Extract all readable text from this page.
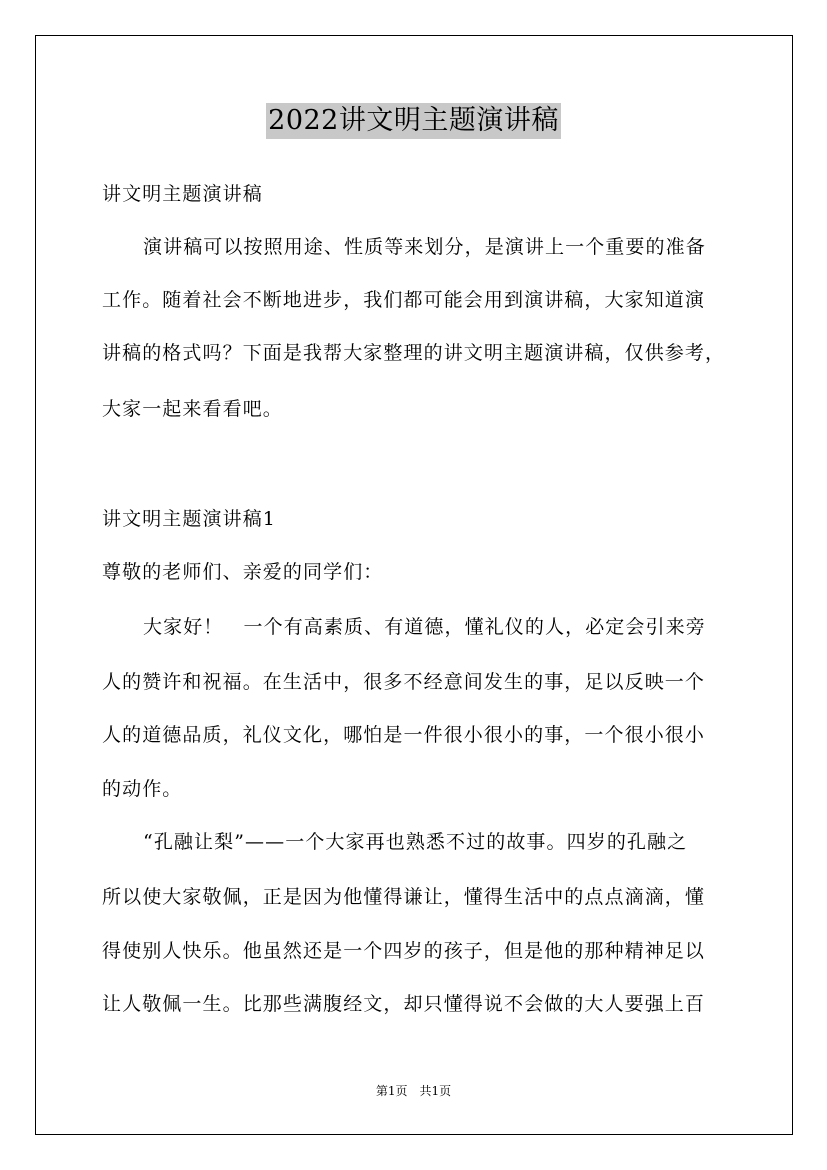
2022讲文明主题演讲稿
讲文明主题演讲稿
演讲稿可以按照用途、性质等来划分，是演讲上一个重要的准备
工作。随着社会不断地进步，我们都可能会用到演讲稿，大家知道演
讲稿的格式吗？下面是我帮大家整理的讲文明主题演讲稿，仅供参考，
大家一起来看看吧。
讲文明主题演讲稿1
尊敬的老师们、亲爱的同学们：
大家好！　一个有高素质、有道德，懂礼仪的人，必定会引来旁
人的赞许和祝福。在生活中，很多不经意间发生的事，足以反映一个
人的道德品质，礼仪文化，哪怕是一件很小很小的事，一个很小很小
的动作。
“孔融让梨”——一个大家再也熟悉不过的故事。四岁的孔融之
所以使大家敬佩，正是因为他懂得谦让，懂得生活中的点点滴滴，懂
得使别人快乐。他虽然还是一个四岁的孩子，但是他的那种精神足以
让人敬佩一生。比那些满腹经文，却只懂得说不会做的大人要强上百
第1页　共1页
